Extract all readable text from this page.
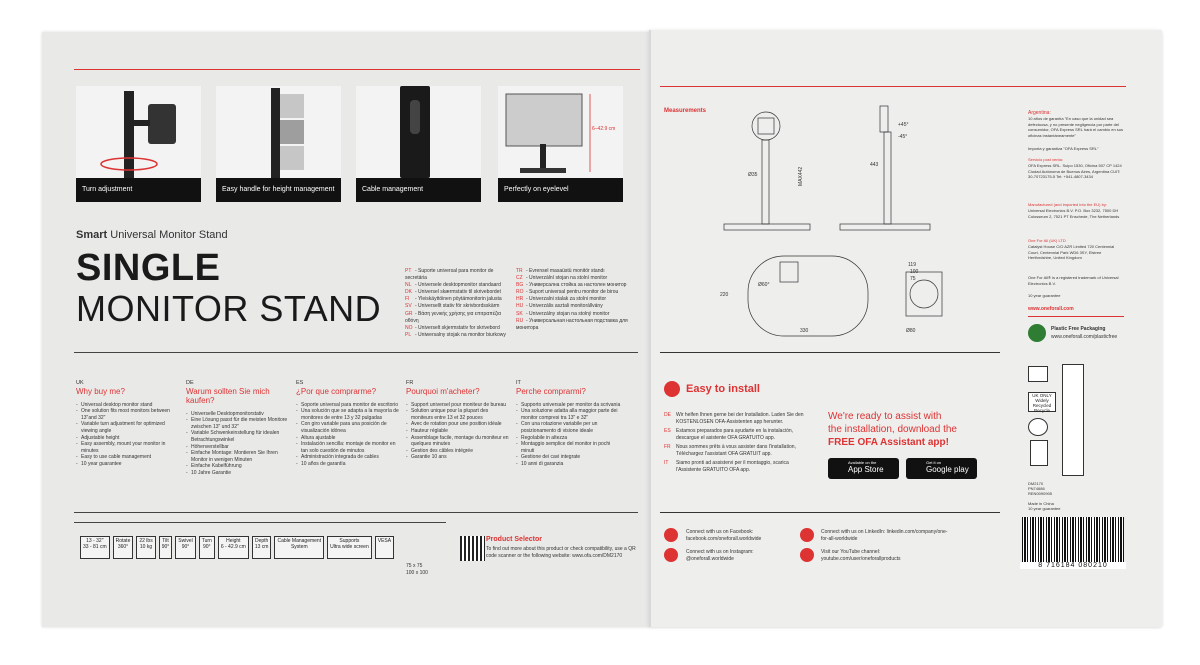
Turn adjustment	Easy handle for height management	Cable management
6–42.9 cm
Perfectly on eyelevel
Smart Universal Monitor Stand
SINGLE
MONITOR STAND
PT - Suporte universal para monitor de secretária
NL - Universele desktopmonitor standaard
DK - Universel skærmstativ til skrivebordet
FI - Yleiskäyttöinen pöytämonitorin jalusta
SV - Universellt stativ för skrivbordsskärm
GR - Βάση γενικής χρήσης για επιτραπέζια οθόνη
NO - Universelt skjermstativ for skrivebord
PL - Uniwersalny stojak na monitor biurkowy
TR - Evrensel masaüstü monitör standı
CZ - Univerzální stojan na stolní monitor
BG - Универсална стойка за настолен монитор
RO - Suport universal pentru monitor de birou
HR - Univerzalni stalak za stolni monitor
HU - Univerzális asztali monitorállvány
SK - Univerzálny stojan na stolný monitor
RU - Универсальная настольная подставка для монитора
UK
Why buy me?
- Universal desktop monitor stand
- One solution fits most monitors between 13"and 32"
- Variable turn adjustment for optimized viewing angle
- Adjustable height
- Easy assembly, mount your monitor in minutes
- Easy to use cable management
- 10 year guarantee
DE
Warum sollten Sie mich kaufen?
- Universelle Desktopmonitorstativ
- Eine Lösung passt für die meisten Monitore zwischen 13" und 32"
- Variable Schwenkeinstellung für idealen Betrachtungswinkel
- Höhenverstellbar
- Einfache Montage: Montieren Sie Ihren Monitor in wenigen Minuten
- Einfache Kabelführung
- 10 Jahre Garantie
ES
¿Por que comprarme?
- Soporte universal para monitor de escritorio
- Una solución que se adapta a la mayoría de monitores de entre 13 y 32 pulgadas
- Con giro variable para una posición de visualización idónea
- Altura ajustable
- Instalación sencilla: montaje de monitor en tan solo cuestión de minutos
- Administración integrada de cables
- 10 años de garantía
FR
Pourquoi m'acheter?
- Support universel pour moniteur de bureau
- Solution unique pour la plupart des moniteurs entre 13 et 32 pouces
- Avec de rotation pour une position idéale
- Hauteur réglable
- Assemblage facile, montage du moniteur en quelques minutes
- Gestion des câbles intégrée
- Garantie 10 ans
IT
Perche comprarmi?
- Supporto universale per monitor da scrivania
- Una soluzione adatta alla maggior parte dei monitor compresi tra 13" e 32"
- Con una rotazione variabile per un posizionamento di visione ideale
- Regolabile in altezza
- Montaggio semplice del monitor in pochi minuti
- Gestione dei cavi integrate
- 10 anni di garanzia
13 - 32"
33 - 81 cm
Rotate
360°
22 lbs
10 kg
Tilt
90°
Swivel
90°
Turn
90°
Height
6 - 42.9 cm
Depth
13 cm
Cable Management
System
Supports
Ultra wide screen
VESA
75 x 75
100 x 100
Product Selector
To find out more about this product or check compatibility, use a QR code scanner or the following website: www.ofa.com/DM2170
Measurements
Ø35	MAX442
443
+45°
-45°
220
330
119
100
75
Ø80
Ø60°
Easy to install
DE Wir helfen Ihnen gerne bei der Installation. Laden Sie den KOSTENLOSEN OFA-Assistenten app herunter.
ES Estamos preparados para ayudarte en la instalación, descargue el asistente OFA GRATUITO app.
FR Nous sommes prêts à vous assister dans l'installation, Téléchargez l'assistant OFA GRATUIT app.
IT Siamo pronti ad assistervi per il montaggio, scarica l'Assistente GRATUITO OFA app.
We're ready to assist with
the installation, download the
FREE OFA Assistant app!
Available on the
App Store
Get it on
Google play
Connect with us on Facebook: facebook.com/oneforall.worldwide
Connect with us on Instagram: @oneforall.worldwide
Connect with us on LinkedIn: linkedin.com/company/one-for-all-worldwide
Visit our YouTube channel: youtube.com/user/oneforallproducts
Argentina:
10 años de garantía "En caso que la unidad sea defectuosa, y no presente negligencia por parte del consumidor, OFA Express SRL hará el cambio en sus oficinas instantáneamente"
Importa y garantiza "OFA Express SRL"
Servicio post venta:
OFA Express SRL. Suipo 1530, Oficina 507 CP 1424 Ciudad Autónoma de Buenos Aires, Argentina CUIT: 30-70723175-5 Tel: +541-4807-3434
Manufactured (and imported into the EU) by:
Universal Electronics B.V. P.O. Box 3232, 7500 DH Colosseum 2, 7521 PT Enschede, The Netherlands
One For All (UK) LTD
Catalyst House C/O AZR Limited 720 Centennial Court, Centennial Park WD6 3SY, Elstree Hertfordshire, United Kingdom
One For All® is a registered trademark of Universal Electronics B.V.
10 year guarantee
www.oneforall.com
Plastic Free Packaging
www.oneforall.com/plasticfree
UK ONLY
Widely Recycled
Recycle
DM2170
PN74686
REN0090905
Made in China
10 year guarantee
8 716184 080210
